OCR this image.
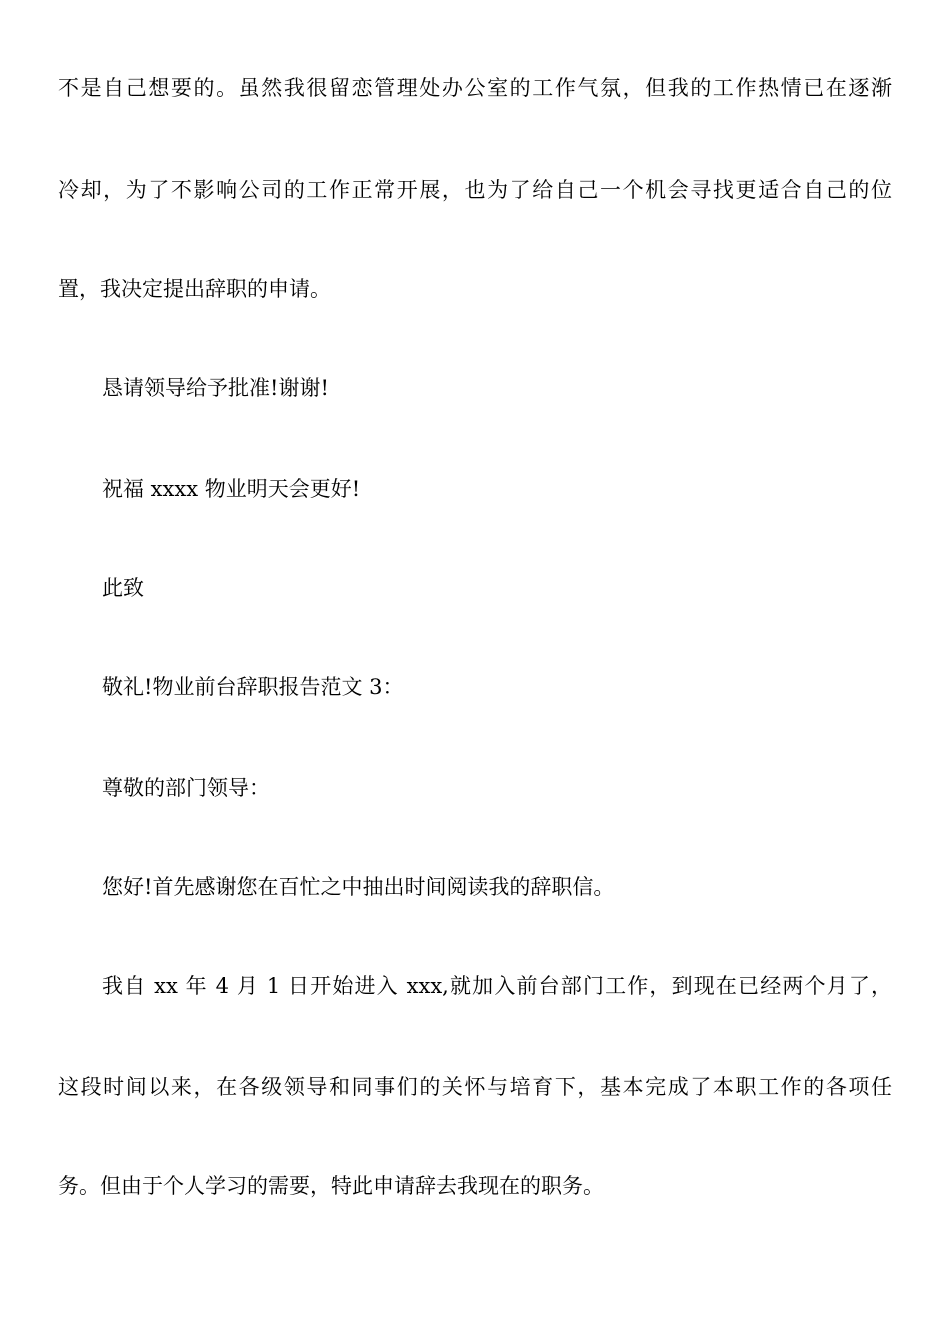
不是自己想要的。虽然我很留恋管理处办公室的工作气氛，但我的工作热情已在逐渐
冷却，为了不影响公司的工作正常开展，也为了给自己一个机会寻找更适合自己的位
置，我决定提出辞职的申请。
恳请领导给予批准!谢谢!
祝福 xxxx 物业明天会更好!
此致
敬礼!物业前台辞职报告范文 3：
尊敬的部门领导：
您好!首先感谢您在百忙之中抽出时间阅读我的辞职信。
我自 xx 年 4 月 1 日开始进入 xxx,就加入前台部门工作，到现在已经两个月了，
这段时间以来，在各级领导和同事们的关怀与培育下，基本完成了本职工作的各项任
务。但由于个人学习的需要，特此申请辞去我现在的职务。
